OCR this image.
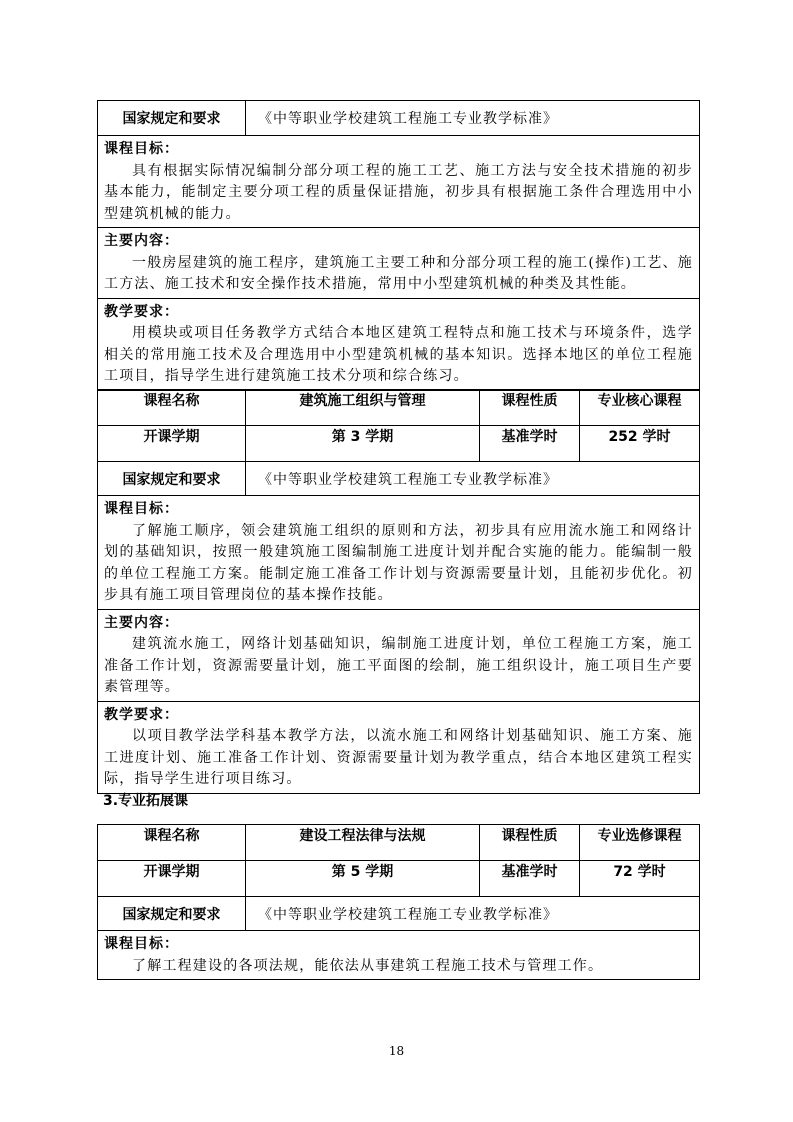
国家规定和要求	《中等职业学校建筑工程施工专业教学标准》

课程目标：
具有根据实际情况编制分部分项工程的施工工艺、施工方法与安全技术措施的初步基本能力，能制定主要分项工程的质量保证措施，初步具有根据施工条件合理选用中小型建筑机械的能力。

主要内容：
一般房屋建筑的施工程序，建筑施工主要工种和分部分项工程的施工(操作)工艺、施工方法、施工技术和安全操作技术措施，常用中小型建筑机械的种类及其性能。

教学要求：
用模块或项目任务教学方式结合本地区建筑工程特点和施工技术与环境条件，选学相关的常用施工技术及合理选用中小型建筑机械的基本知识。选择本地区的单位工程施工项目，指导学生进行建筑施工技术分项和综合练习。
课程名称	建筑施工组织与管理	课程性质	专业核心课程
开课学期	第 3 学期	基准学时	252 学时
国家规定和要求	《中等职业学校建筑工程施工专业教学标准》		

课程目标：
了解施工顺序，领会建筑施工组织的原则和方法，初步具有应用流水施工和网络计划的基础知识，按照一般建筑施工图编制施工进度计划并配合实施的能力。能编制一般的单位工程施工方案。能制定施工准备工作计划与资源需要量计划，且能初步优化。初步具有施工项目管理岗位的基本操作技能。			

主要内容：
建筑流水施工，网络计划基础知识，编制施工进度计划，单位工程施工方案，施工准备工作计划，资源需要量计划，施工平面图的绘制，施工组织设计，施工项目生产要素管理等。			

教学要求：
以项目教学法学科基本教学方法，以流水施工和网络计划基础知识、施工方案、施工进度计划、施工准备工作计划、资源需要量计划为教学重点，结合本地区建筑工程实际，指导学生进行项目练习。			
3.专业拓展课
课程名称	建设工程法律与法规	课程性质	专业选修课程
开课学期	第 5 学期	基准学时	72 学时
国家规定和要求	《中等职业学校建筑工程施工专业教学标准》		

课程目标：
了解工程建设的各项法规，能依法从事建筑工程施工技术与管理工作。			
18
